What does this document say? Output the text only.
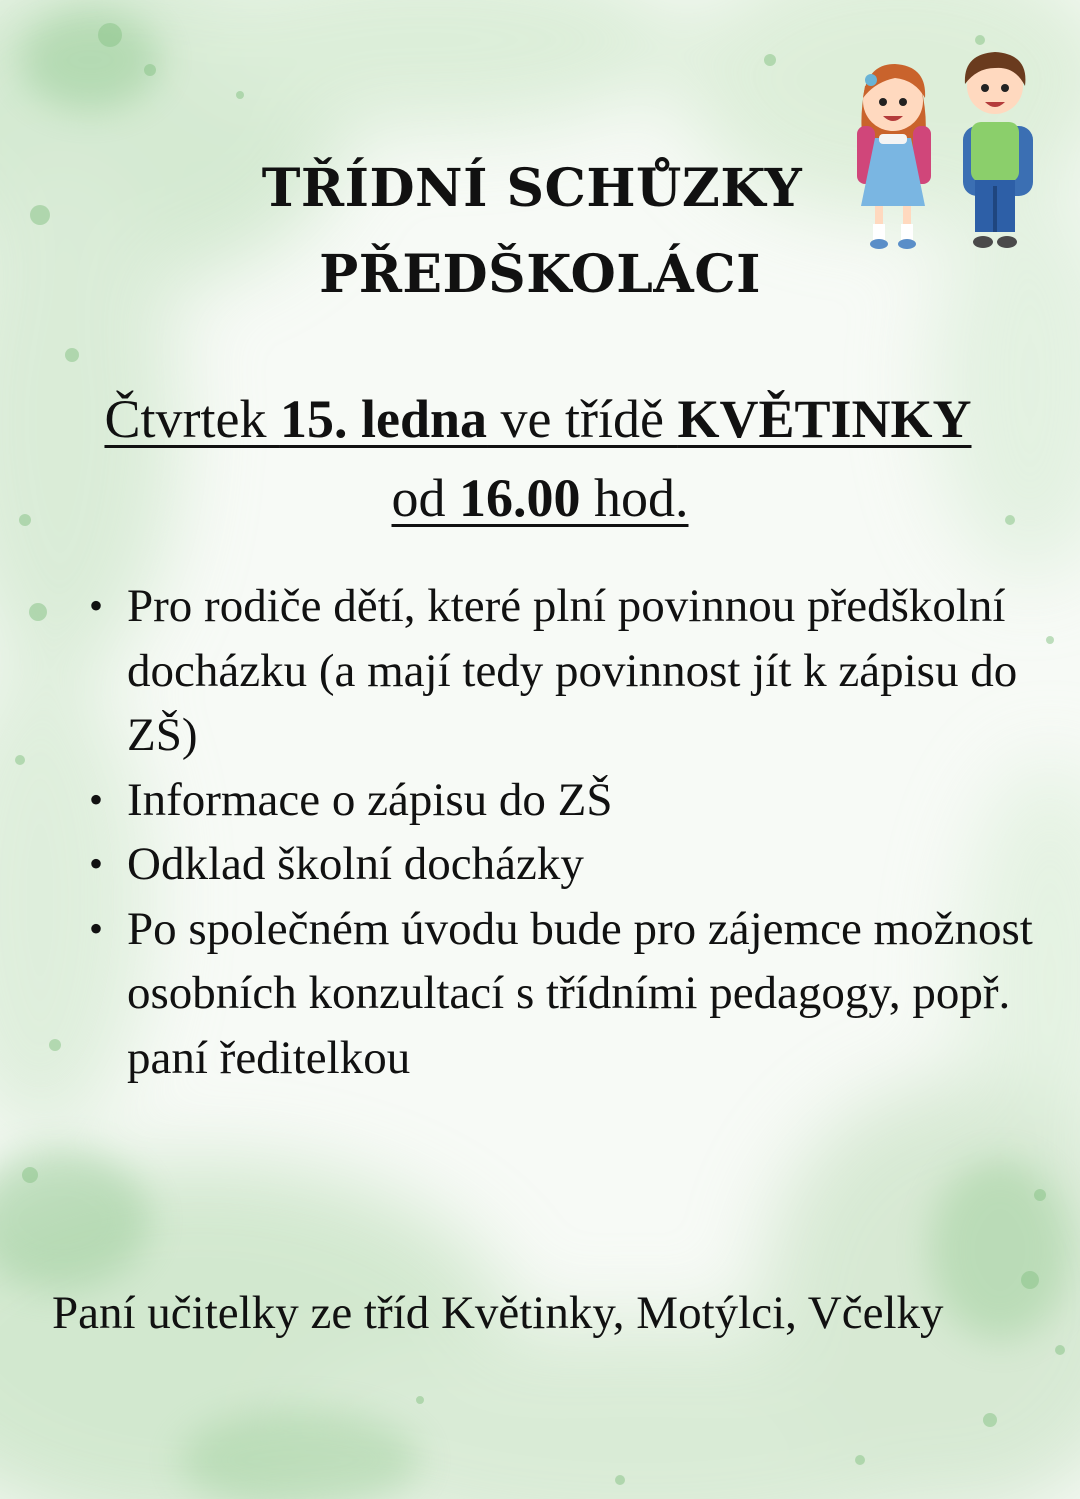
TŘÍDNÍ SCHŮZKY
PŘEDŠKOLÁCI
Čtvrtek 15. ledna ve třídě KVĚTINKY
od 16.00 hod.
• Pro rodiče dětí, které plní povinnou předškolní docházku (a mají tedy povinnost jít k zápisu do ZŠ)
• Informace o zápisu do ZŠ
• Odklad školní docházky
• Po společném úvodu bude pro zájemce možnost osobních konzultací s třídními pedagogy, popř. paní ředitelkou
Paní učitelky ze tříd Květinky, Motýlci, Včelky
